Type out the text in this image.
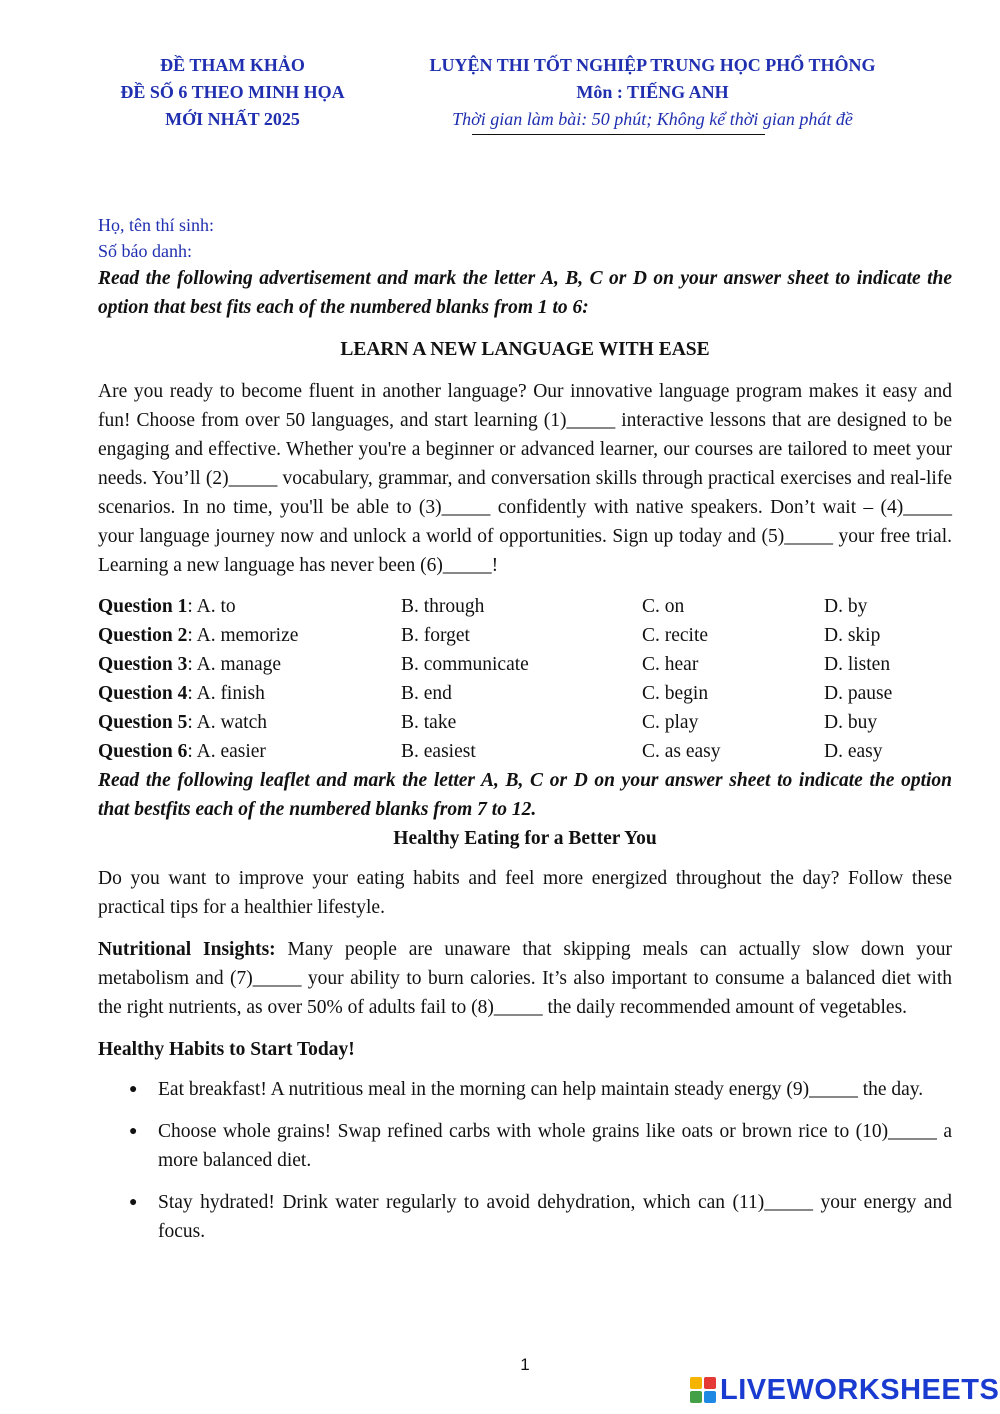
ĐỀ THAM KHẢO
ĐỀ SỐ 6 THEO MINH HỌA
MỚI NHẤT 2025
LUYỆN THI TỐT NGHIỆP TRUNG HỌC PHỔ THÔNG
Môn : TIẾNG ANH
Thời gian làm bài: 50 phút; Không kể thời gian phát đề
Họ, tên thí sinh:
Số báo danh:

Read the following advertisement and mark the letter A, B, C or D on your answer sheet to indicate the option that best fits each of the numbered blanks from 1 to 6:

LEARN A NEW LANGUAGE WITH EASE

Are you ready to become fluent in another language? Our innovative language program makes it easy and fun! Choose from over 50 languages, and start learning (1)_____ interactive lessons that are designed to be engaging and effective. Whether you're a beginner or advanced learner, our courses are tailored to meet your needs. You’ll (2)_____ vocabulary, grammar, and conversation skills through practical exercises and real-life scenarios. In no time, you'll be able to (3)_____ confidently with native speakers. Don’t wait – (4)_____ your language journey now and unlock a world of opportunities. Sign up today and (5)_____ your free trial. Learning a new language has never been (6)_____!

Question 1: A. to	B. through	C. on	D. by
Question 2: A. memorize	B. forget	C. recite	D. skip
Question 3: A. manage	B. communicate	C. hear	D. listen
Question 4: A. finish	B. end	C. begin	D. pause
Question 5: A. watch	B. take	C. play	D. buy
Question 6: A. easier	B. easiest	C. as easy	D. easy

Read the following leaflet and mark the letter A, B, C or D on your answer sheet to indicate the option that bestfits each of the numbered blanks from 7 to 12.

Healthy Eating for a Better You

Do you want to improve your eating habits and feel more energized throughout the day? Follow these practical tips for a healthier lifestyle.

Nutritional Insights: Many people are unaware that skipping meals can actually slow down your metabolism and (7)_____ your ability to burn calories. It’s also important to consume a balanced diet with the right nutrients, as over 50% of adults fail to (8)_____ the daily recommended amount of vegetables.

Healthy Habits to Start Today!
● Eat breakfast! A nutritious meal in the morning can help maintain steady energy (9)_____ the day.
● Choose whole grains! Swap refined carbs with whole grains like oats or brown rice to (10)_____ a more balanced diet.
● Stay hydrated! Drink water regularly to avoid dehydration, which can (11)_____ your energy and focus.
1
LIVEWORKSHEETS
